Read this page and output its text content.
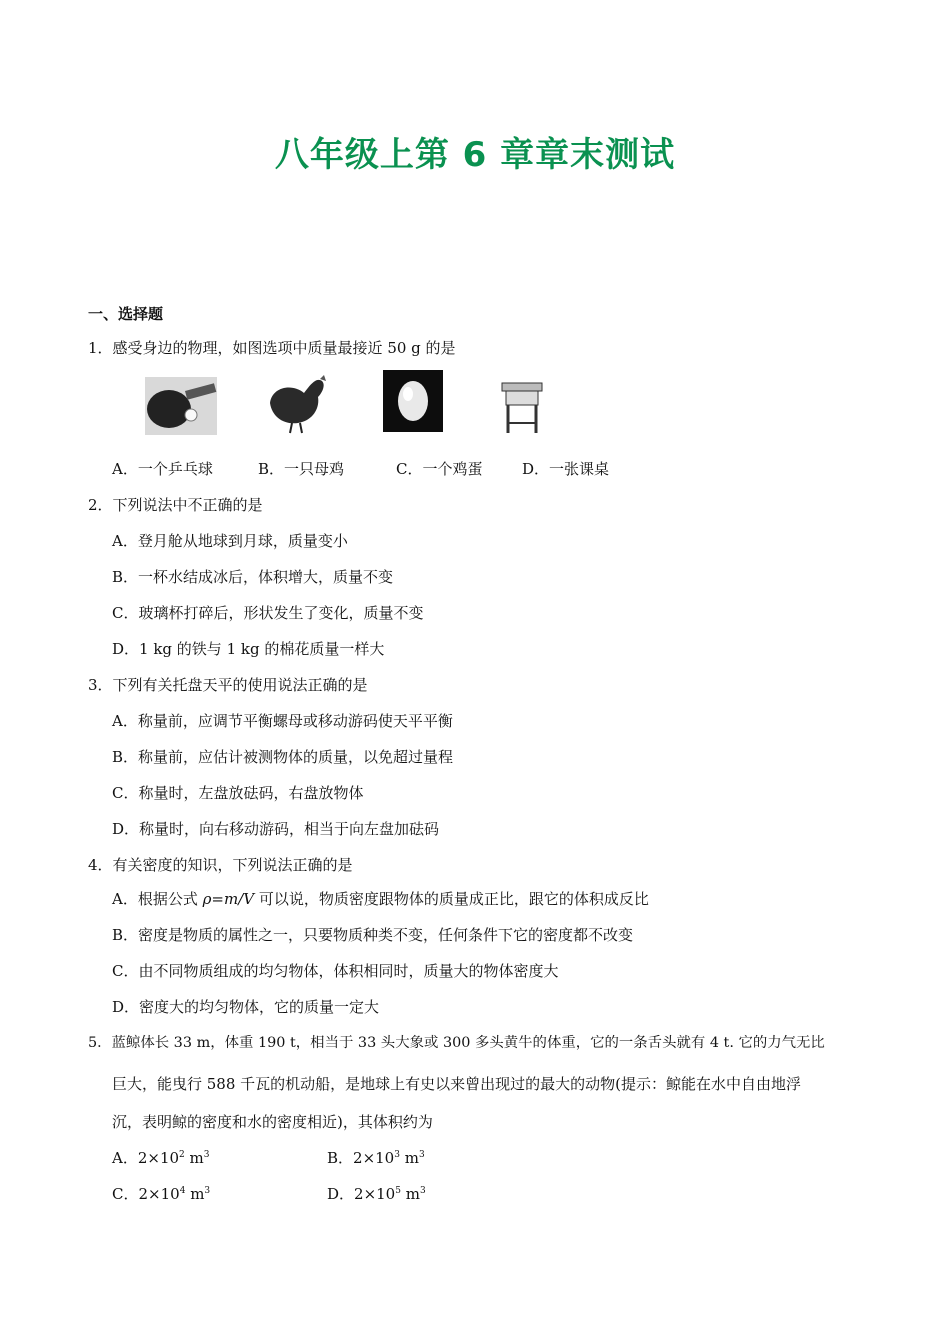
八年级上第 6 章章末测试
一、选择题
1．感受身边的物理，如图选项中质量最接近 50 g 的是
A．一个乒乓球	B．一只母鸡	C．一个鸡蛋	D．一张课桌
2．下列说法中不正确的是
A．登月舱从地球到月球，质量变小
B．一杯水结成冰后，体积增大，质量不变
C．玻璃杯打碎后，形状发生了变化，质量不变
D．1 kg 的铁与 1 kg 的棉花质量一样大
3．下列有关托盘天平的使用说法正确的是
A．称量前，应调节平衡螺母或移动游码使天平平衡
B．称量前，应估计被测物体的质量，以免超过量程
C．称量时，左盘放砝码，右盘放物体
D．称量时，向右移动游码，相当于向左盘加砝码
4．有关密度的知识，下列说法正确的是
A．根据公式 ρ=m/V 可以说，物质密度跟物体的质量成正比，跟它的体积成反比
B．密度是物质的属性之一，只要物质种类不变，任何条件下它的密度都不改变
C．由不同物质组成的均匀物体，体积相同时，质量大的物体密度大
D．密度大的均匀物体，它的质量一定大
5．蓝鲸体长 33 m，体重 190 t，相当于 33 头大象或 300 多头黄牛的体重，它的一条舌头就有 4 t. 它的力气无比
巨大，能曳行 588 千瓦的机动船，是地球上有史以来曾出现过的最大的动物(提示：鲸能在水中自由地浮
沉，表明鲸的密度和水的密度相近)，其体积约为
A．$2\times 10^2$ $m^3$	B．$2\times 10^3$ $m^3$
C．$2\times 10^4$ $m^3$	D．$2\times 10^5$ $m^3$
